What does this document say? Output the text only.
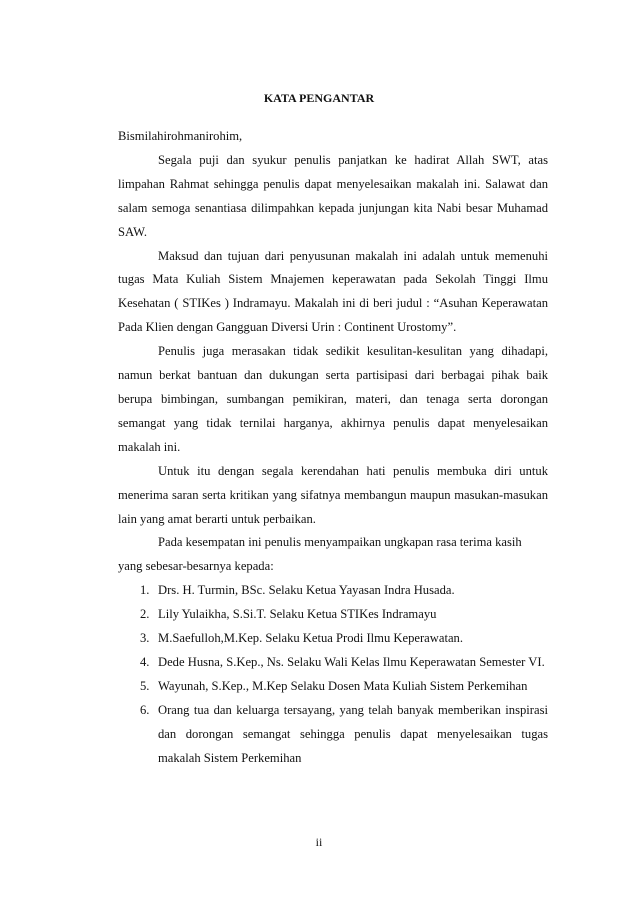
KATA PENGANTAR

Bismilahirohmanirohim,

Segala puji dan syukur penulis panjatkan ke hadirat Allah SWT, atas limpahan Rahmat sehingga penulis dapat menyelesaikan makalah ini. Salawat dan salam semoga senantiasa dilimpahkan kepada junjungan kita Nabi besar Muhamad SAW.

Maksud dan tujuan dari penyusunan makalah ini adalah untuk memenuhi tugas Mata Kuliah Sistem Mnajemen keperawatan pada Sekolah Tinggi Ilmu Kesehatan ( STIKes ) Indramayu. Makalah ini di beri judul : “Asuhan Keperawatan Pada Klien dengan Gangguan Diversi Urin : Continent Urostomy”.

Penulis juga merasakan tidak sedikit kesulitan-kesulitan yang dihadapi, namun berkat bantuan dan dukungan serta partisipasi dari berbagai pihak baik berupa bimbingan, sumbangan pemikiran, materi, dan tenaga serta dorongan semangat yang tidak ternilai harganya, akhirnya penulis dapat menyelesaikan makalah ini.

Untuk itu dengan segala kerendahan hati penulis membuka diri untuk menerima saran serta kritikan yang sifatnya membangun maupun masukan-masukan lain yang amat berarti untuk perbaikan.

Pada kesempatan ini penulis menyampaikan ungkapan rasa terima kasih

yang sebesar-besarnya kepada:

1. Drs. H. Turmin, BSc. Selaku Ketua Yayasan Indra Husada.
2. Lily Yulaikha, S.Si.T. Selaku Ketua STIKes Indramayu
3. M.Saefulloh,M.Kep. Selaku Ketua Prodi Ilmu Keperawatan.
4. Dede Husna, S.Kep., Ns. Selaku Wali Kelas Ilmu Keperawatan Semester VI.
5. Wayunah, S.Kep., M.Kep Selaku Dosen Mata Kuliah Sistem Perkemihan
6. Orang tua dan keluarga tersayang, yang telah banyak memberikan inspirasi dan dorongan semangat sehingga penulis dapat menyelesaikan tugas makalah Sistem Perkemihan
ii
